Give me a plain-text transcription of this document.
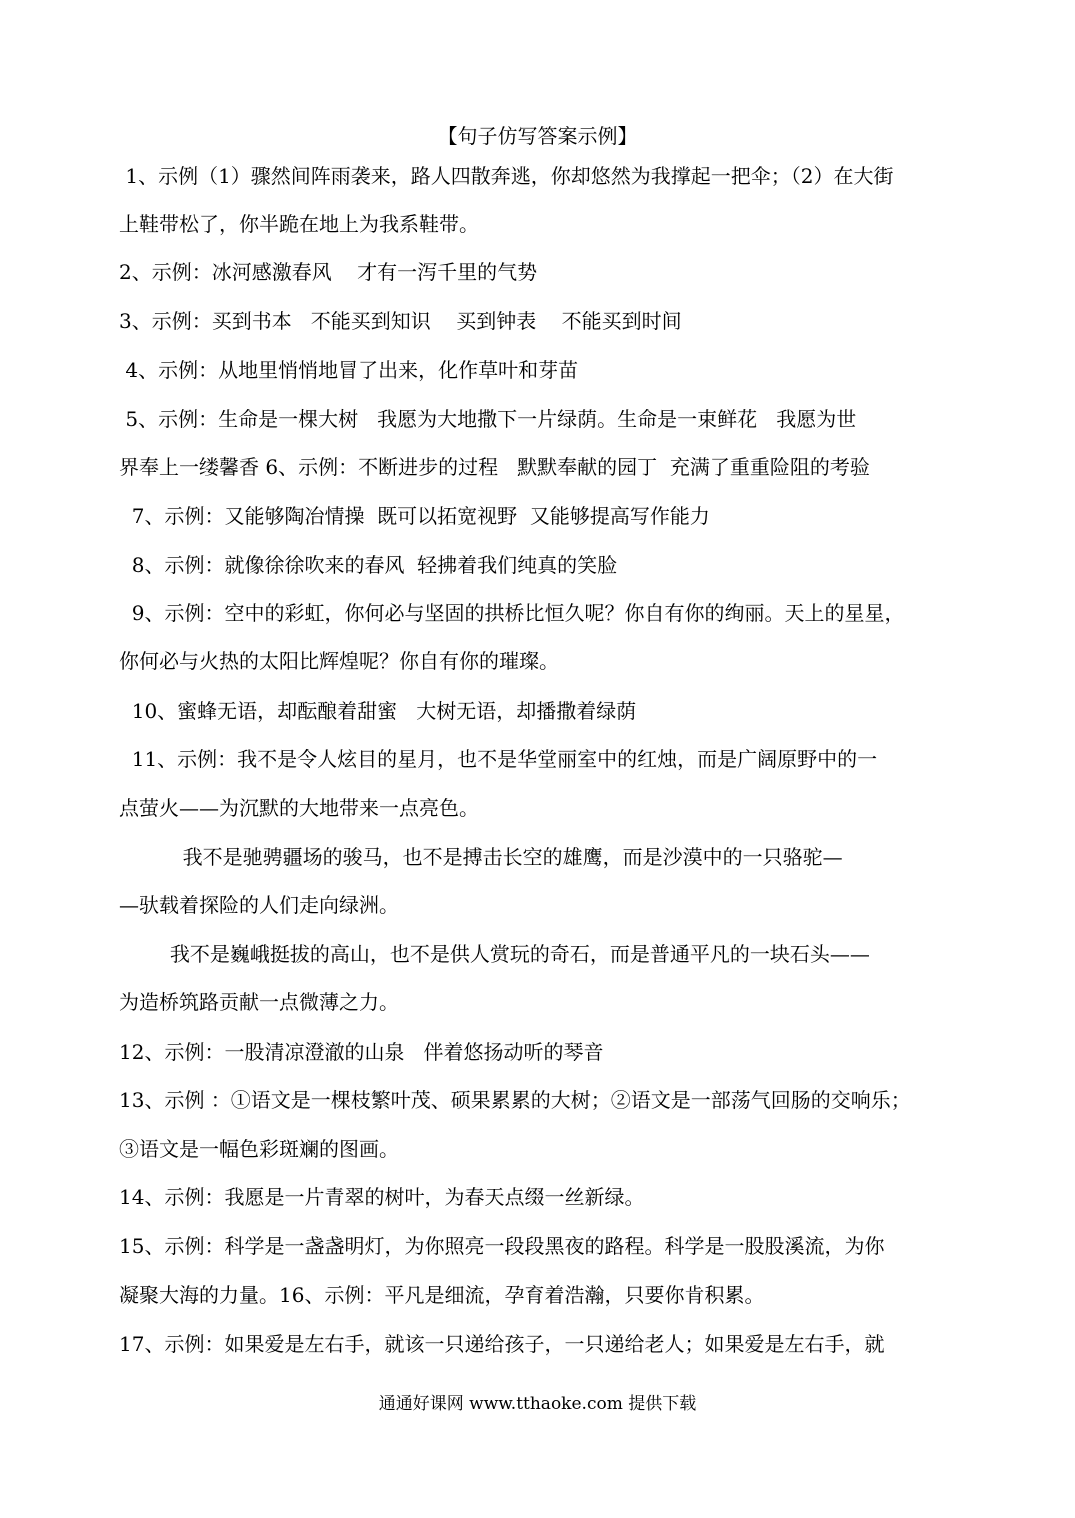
【句子仿写答案示例】
1、示例（1）骤然间阵雨袭来，路人四散奔逃，你却悠然为我撑起一把伞；（2）在大街
上鞋带松了，你半跪在地上为我系鞋带。
2、示例：冰河感激春风    才有一泻千里的气势
3、示例：买到书本   不能买到知识    买到钟表    不能买到时间
4、示例：从地里悄悄地冒了出来，化作草叶和芽苗
5、示例：生命是一棵大树   我愿为大地撒下一片绿荫。生命是一束鲜花   我愿为世
界奉上一缕馨香 6、示例：不断进步的过程   默默奉献的园丁  充满了重重险阻的考验
7、示例：又能够陶冶情操  既可以拓宽视野  又能够提高写作能力
8、示例：就像徐徐吹来的春风  轻拂着我们纯真的笑脸
9、示例：空中的彩虹，你何必与坚固的拱桥比恒久呢？你自有你的绚丽。天上的星星，
你何必与火热的太阳比辉煌呢？你自有你的璀璨。
10、蜜蜂无语，却酝酿着甜蜜   大树无语，却播撒着绿荫
11、示例：我不是令人炫目的星月，也不是华堂丽室中的红烛，而是广阔原野中的一
点萤火——为沉默的大地带来一点亮色。
我不是驰骋疆场的骏马，也不是搏击长空的雄鹰，而是沙漠中的一只骆驼—
—驮载着探险的人们走向绿洲。
我不是巍峨挺拔的高山，也不是供人赏玩的奇石，而是普通平凡的一块石头——
为造桥筑路贡献一点微薄之力。
12、示例：一股清凉澄澈的山泉   伴着悠扬动听的琴音
13、示例 ：①语文是一棵枝繁叶茂、硕果累累的大树；②语文是一部荡气回肠的交响乐；
③语文是一幅色彩斑斓的图画。
14、示例：我愿是一片青翠的树叶，为春天点缀一丝新绿。
15、示例：科学是一盏盏明灯，为你照亮一段段黑夜的路程。科学是一股股溪流，为你
凝聚大海的力量。16、示例：平凡是细流，孕育着浩瀚，只要你肯积累。
17、示例：如果爱是左右手，就该一只递给孩子，一只递给老人；如果爱是左右手，就
通通好课网 www.tthaoke.com 提供下载
